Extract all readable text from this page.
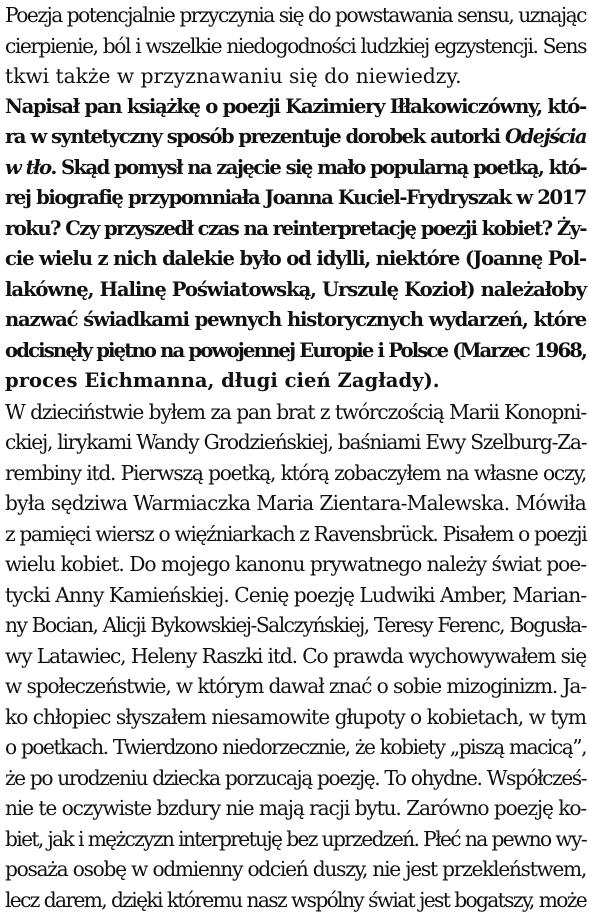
Poezja potencjalnie przyczynia się do powstawania sensu, uznając
cierpienie, ból i wszelkie niedogodności ludzkiej egzystencji. Sens
tkwi także w przyznawaniu się do niewiedzy.
Napisał pan książkę o poezji Kazimiery Iłłakowiczówny, któ-
ra w syntetyczny sposób prezentuje dorobek autorki Odejścia
w tło. Skąd pomysł na zajęcie się mało popularną poetką, któ-
rej biografię przypomniała Joanna Kuciel-Frydryszak w 2017
roku? Czy przyszedł czas na reinterpretację poezji kobiet? Ży-
cie wielu z nich dalekie było od idylli, niektóre (Joannę Pol-
lakównę, Halinę Poświatowską, Urszulę Kozioł) należałoby
nazwać świadkami pewnych historycznych wydarzeń, które
odcisnęły piętno na powojennej Europie i Polsce (Marzec 1968,
proces Eichmanna, długi cień Zagłady).
W dzieciństwie byłem za pan brat z twórczością Marii Konopni-
ckiej, lirykami Wandy Grodzieńskiej, baśniami Ewy Szelburg-Za-
rembiny itd. Pierwszą poetką, którą zobaczyłem na własne oczy,
była sędziwa Warmiaczka Maria Zientara-Malewska. Mówiła
z pamięci wiersz o więźniarkach z Ravensbrück. Pisałem o poezji
wielu kobiet. Do mojego kanonu prywatnego należy świat poe-
tycki Anny Kamieńskiej. Cenię poezję Ludwiki Amber, Marian-
ny Bocian, Alicji Bykowskiej-Salczyńskiej, Teresy Ferenc, Bogusła-
wy Latawiec, Heleny Raszki itd. Co prawda wychowywałem się
w społeczeństwie, w którym dawał znać o sobie mizoginizm. Ja-
ko chłopiec słyszałem niesamowite głupoty o kobietach, w tym
o poetkach. Twierdzono niedorzecznie, że kobiety „piszą macicą”,
że po urodzeniu dziecka porzucają poezję. To ohydne. Współcześ-
nie te oczywiste bzdury nie mają racji bytu. Zarówno poezję ko-
biet, jak i mężczyzn interpretuję bez uprzedzeń. Płeć na pewno wy-
posaża osobę w odmienny odcień duszy, nie jest przekleństwem,
lecz darem, dzięki któremu nasz wspólny świat jest bogatszy, może
